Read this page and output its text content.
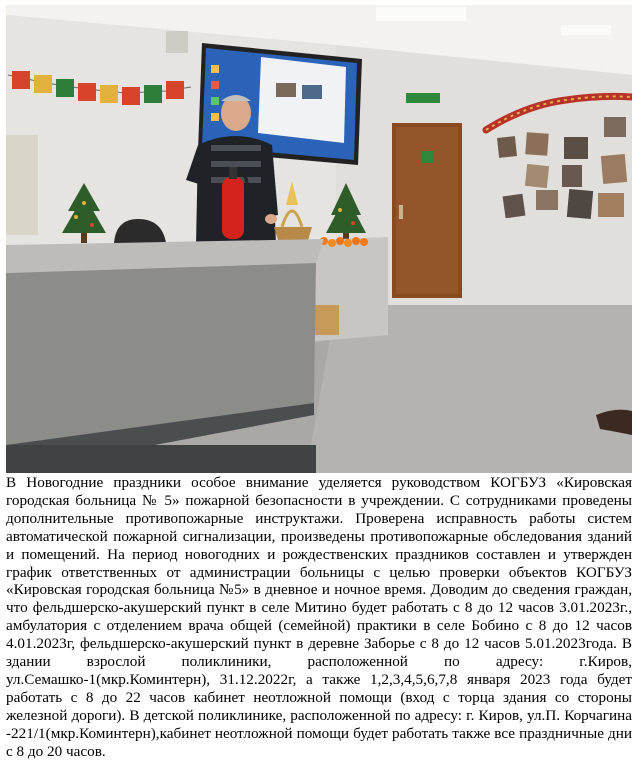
В Новогодние праздники особое внимание уделяется руководством КОГБУЗ «Кировская городская больница № 5» пожарной безопасности в учреждении. С сотрудниками проведены дополнительные противопожарные инструктажи. Проверена исправность работы систем автоматической пожарной сигнализации, произведены противопожарные обследования зданий и помещений. На период новогодних и рождественских праздников составлен и утвержден график ответственных от администрации больницы с целью проверки объектов КОГБУЗ «Кировская городская больница №5» в дневное и ночное время. Доводим до сведения граждан, что фельдшерско-акушерский пункт в селе Митино будет работать с 8 до 12 часов 3.01.2023г., амбулатория с отделением врача общей (семейной) практики в селе Бобино с 8 до 12 часов 4.01.2023г, фельдшерско-акушерский пункт в деревне Заборье с 8 до 12 часов 5.01.2023года. В здании взрослой поликлиники, расположенной по адресу: г.Киров, ул.Семашко-1(мкр.Коминтерн), 31.12.2022г, а также 1,2,3,4,5,6,7,8 января 2023 года будет работать с 8 до 22 часов кабинет неотложной помощи (вход с торца здания со стороны железной дороги). В детской поликлинике, расположенной по адресу: г. Киров, ул.П. Корчагина -221/1(мкр.Коминтерн),кабинет неотложной помощи будет работать также все праздничные дни с 8 до 20 часов.
